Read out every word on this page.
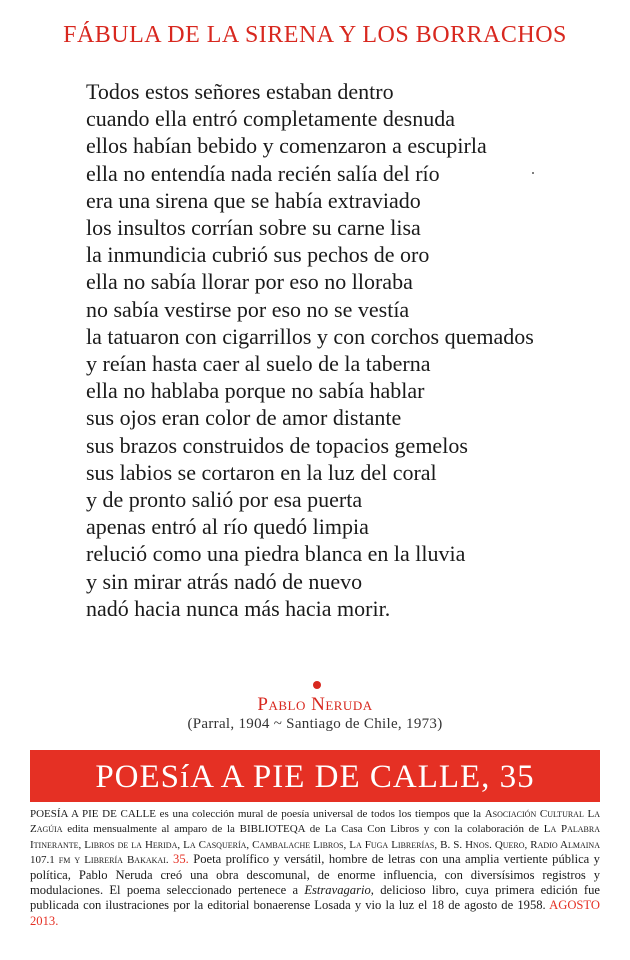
FÁBULA DE LA SIRENA Y LOS BORRACHOS
Todos estos señores estaban dentro
cuando ella entró completamente desnuda
ellos habían bebido y comenzaron a escupirla
ella no entendía nada recién salía del río
era una sirena que se había extraviado
los insultos corrían sobre su carne lisa
la inmundicia cubrió sus pechos de oro
ella no sabía llorar por eso no lloraba
no sabía vestirse por eso no se vestía
la tatuaron con cigarrillos y con corchos quemados
y reían hasta caer al suelo de la taberna
ella no hablaba porque no sabía hablar
sus ojos eran color de amor distante
sus brazos construidos de topacios gemelos
sus labios se cortaron en la luz del coral
y de pronto salió por esa puerta
apenas entró al río quedó limpia
relució como una piedra blanca en la lluvia
y sin mirar atrás nadó de nuevo
nadó hacia nunca más hacia morir.
Pablo Neruda
(Parral, 1904 ~ Santiago de Chile, 1973)
POESíA A PIE DE CALLE, 35
POESÍA A PIE DE CALLE es una colección mural de poesía universal de todos los tiempos que la Asociación Cultural La Zagúia edita mensualmente al amparo de la BIBLIOTEQA de La Casa Con Libros y con la colaboración de La Palabra Itinerante, Libros de la Herida, La Casquería, Cambalache Libros, La Fuga Librerías, B. S. Hnos. Quero, Radio Almaina 107.1 fm y Librería Bakakai. 35. Poeta prolífico y versátil, hombre de letras con una amplia vertiente pública y política, Pablo Neruda creó una obra descomunal, de enorme influencia, con diversísimos registros y modulaciones. El poema seleccionado pertenece a Estravagario, delicioso libro, cuya primera edición fue publicada con ilustraciones por la editorial bonaerense Losada y vio la luz el 18 de agosto de 1958. AGOSTO 2013.
